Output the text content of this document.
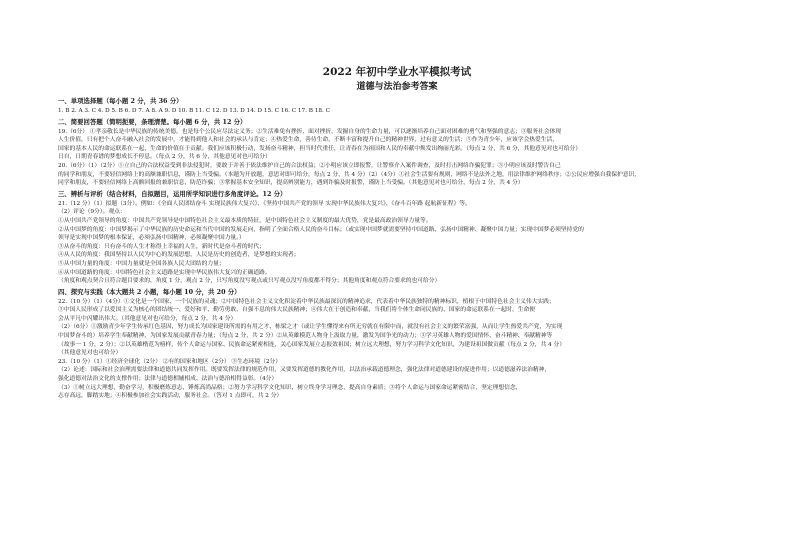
2022 年初中学业水平模拟考试
道德与法治参考答案
一、单项选择题（每小题 2 分，共 36 分）
1. B 2. A 3. C 4. D 5. B 6. D 7. A 8. A 9. D 10. B 11. C 12. D 13. D 14. D 15. C 16. C 17. B 18. C
二、简要回答题（简明扼要，条理清楚。每小题 6 分，共 12 分）
19.（6分） ①孝亲敬长是中华民族的传统美德，也是每个公民应尽法定义务；②生活难免有挫折，面对挫折，发掘自身的生命力量，可以逐渐培养自己面对困难的勇气和坚强的意志；③服务社会体现
人生价值，只有把个人奋斗融入社会的发展中，才能得到他人和社会的承认与肯定；④热爱生命，善待生命，不断丰富和提升自己的精神世界，过有意义的生活；⑤作为青少年，应该学会热爱生活，
国家的基本人民的命运联系在一起，生命的价值在于贡献。我们应该积极行动，发扬奋斗精神，担当时代重任，让青春在为祖国和人民的奉献中焕发出绚丽光彩。（每点 2 分，共 6 分，其他意见对也可给分）
日自，日期青春谱的梦想成长不停息。（每点 2 分，共 6 分，其他意见对也可给分）
20.（6分）（1）（2分）①立自己的合法权益受到非法侵犯时，要敢于并善于依法维护自己的合法权益；②小明应该立即报警，让警察介入案件调查，及时打击网络诈骗犯罪；③小明应该及时警告自己
的同学和朋友，不要轻信网络上的高额兼职信息，谨防上当受骗。（本题为开放题，意思对即可给分，每点 2 分，共 4 分）（2）（4分）①社会生活要有规则，网络不是法外之地，用法律维护网络秩序；②公民应增强自我保护意识，
同学和朋友，不要轻信网络上高额回报的兼职信息，防范诈骗；③掌握基本安全知识，提高辨别能力，遇到诈骗及时报警，谨防上当受骗。（其他意见对也可给分，每点 2 分，共 4 分）
三、辨析与评析（结合材料，自拟题目，运用所学知识进行多角度评论。12 分）
21.（12 分）（1）拟题（3分）。例如：《全面人民团结奋斗 实现民族伟大复兴》、《坚持中国共产党的领导 实现中华民族伟大复兴》、《奋斗百年路 起航新征程》等。
（2）评论（9分）。观点：
①从中国共产党领导的角度：中国共产党领导是中国特色社会主义最本质的特征，是中国特色社会主义制度的最大优势，党是最高政治领导力量等。
②从中国梦的角度：中国梦揭示了中华民族的历史命运和当代中国的发展走向，指明了全面合格人民的奋斗目标；（或实现中国梦就需要坚持中国道路、弘扬中国精神、凝聚中国力量；实现中国梦必须坚持党的
领导是实现中国梦的根本保证，必须弘扬中国精神，必须凝聚中国力量。）
③从奋斗的角度：只有奋斗的人生才称得上幸福的人生，新时代是奋斗者的时代；
④从人民的角度：我国坚持以人民为中心的发展思想，人民是历史的创造者，是梦想的实现者；
⑤从中国力量的角度：中国力量就是全国各族人民大团结的力量；
⑥从中国道路的角度：中国特色社会主义道路是实现中华民族伟大复兴的正确道路。
（角度和观点契合且符合题目要求的，角度 1 分，观点 2 分，只写角度没写观点或只写观点没写角度都不得分；其他角度和观点符合要求的也可给分）
四、探究与实践（本大题共 2 小题，每小题 10 分，共 20 分）
22.（10 分）（1）（4分）①文化是一个国家、一个民族的灵魂；②中国特色社会主义文化积淀着中华民族最深沉的精神追求，代表着中华民族独特的精神标识，植根于中国特色社会主义伟大实践；
③中国人民形成了以爱国主义为核心的团结统一、爱好和平、勤劳勇敢、自强不息的伟大民族精神；④伟大在于创造和奉献，当我们将个体生命同民族的、国家的命运联系在一起时，生命便
会从平凡中闪耀出伟大。（其他意见对也可给分，每点 2 分，共 4 分）
（2）（6分）①激励青少年学生传承红色基因，努力成长为国家建设所需的有用之才、栋梁之才（或让学生懂得来有所无穷就在有限中而，就没有社会主义的繁荣富强，从而让学生热爱共产党，为实现
中国梦奋斗的）培养学生奉献精神，为国家发展贡献青春力量；（每点 2 分，共 2 分）②从英雄模范人物身上汲取力量，激发为国争光的动力；③学习英雄人物的爱国情怀、奋斗精神、奉献精神等
（故事一 1 分，2 分）；②以英雄楷范为榜样，传个人命运与国家、民族命运紧密相连，关心国家发展立志报效祖国；树立远大理想，努力学习科学文化知识，为建设祖国做贡献（每点 2 分，共 4 分）
（其他意见对也可给分）
23.（10 分）（1）①经济全球化（2分） ②有的国家和地区（2分） ③生态环境（2分）
（2）论述：国际和社会治理需要法律和道德共同发挥作用。既要发挥法律的规范作用，又要发挥道德的教化作用，以法治承载道德理念，强化法律对道德建设的促进作用；以道德滋养法治精神，
强化道德对法治文化的支撑作用；法律与道德相辅相成、法治与德治相得益彰。（4分）
（3）①树立远大理想，勤奋学习，积极磨炼意志，锤炼高尚品格；②努力学习科学文化知识，树立终身学习理念，提高自身素质；③将个人命运与国家命运紧密结合，坚定理想信念，
志存高远，脚踏实地；④积极参加社会实践活动，服务社会。（答对 1 点即可，共 2 分）
